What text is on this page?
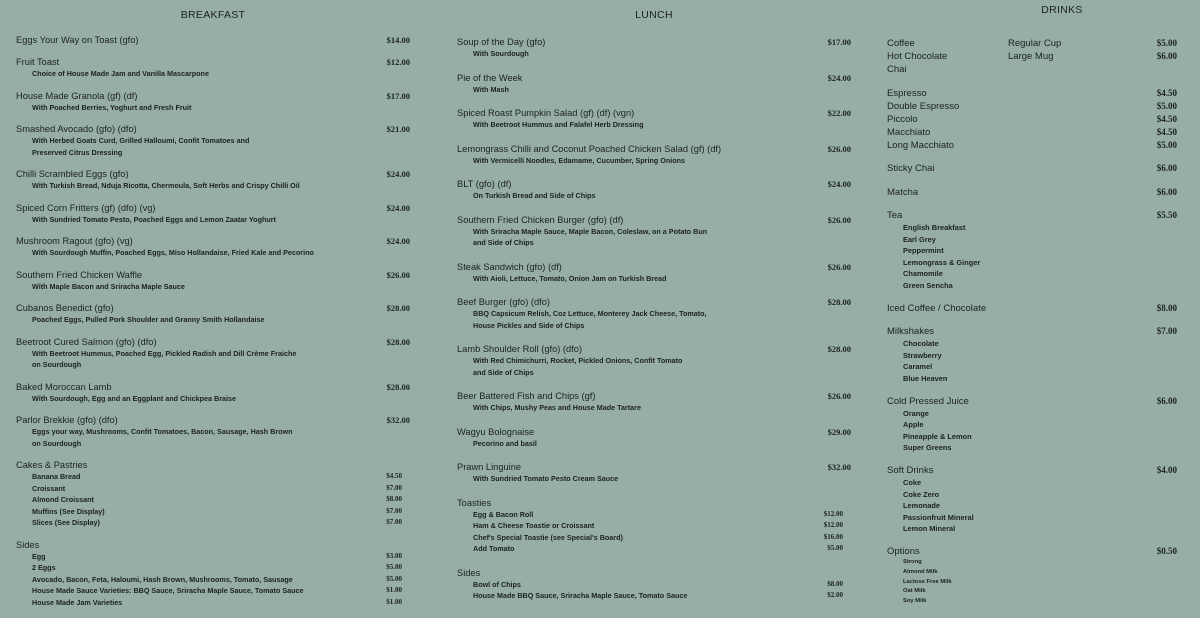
BREAKFAST
Eggs Your Way on Toast (gfo)	$14.00
Fruit Toast	$12.00
Choice of House Made Jam and Vanilla Mascarpone
House Made Granola (gf) (df)	$17.00
With Poached Berries, Yoghurt and Fresh Fruit
Smashed Avocado (gfo) (dfo)	$21.00
With Herbed Goats Curd, Grilled Halloumi, Confit Tomatoes and
Preserved Citrus Dressing
Chilli Scrambled Eggs (gfo)	$24.00
With Turkish Bread, Nduja Ricotta, Chermoula, Soft Herbs and Crispy Chilli Oil
Spiced Corn Fritters (gf) (dfo) (vg)	$24.00
With Sundried Tomato Pesto, Poached Eggs and Lemon Zaatar Yoghurt
Mushroom Ragout (gfo) (vg)	$24.00
With Sourdough Muffin, Poached Eggs, Miso Hollandaise, Fried Kale and Pecorino
Southern Fried Chicken Waffle	$26.00
With Maple Bacon and Sriracha Maple Sauce
Cubanos Benedict (gfo)	$28.00
Poached Eggs, Pulled Pork Shoulder and Granny Smith Hollandaise
Beetroot Cured Salmon (gfo) (dfo)	$28.00
With Beetroot Hummus, Poached Egg, Pickled Radish and Dill Crème Fraiche
on Sourdough
Baked Moroccan Lamb	$28.00
With Sourdough, Egg and an Eggplant and Chickpea Braise
Parlor Brekkie (gfo) (dfo)	$32.00
Eggs your way, Mushrooms, Confit Tomatoes, Bacon, Sausage, Hash Brown
on Sourdough
Cakes & Pastries
Banana Bread	$4.50
Croissant	$7.00
Almond Croissant	$8.00
Muffins (See Display)	$7.00
Slices (See Display)	$7.00
Sides
Egg	$3.00
2 Eggs	$5.00
Avocado, Bacon, Feta, Haloumi, Hash Brown, Mushrooms, Tomato, Sausage	$5.00
House Made Sauce Varieties: BBQ Sauce, Sriracha Maple Sauce, Tomato Sauce	$1.00
House Made Jam Varieties	$1.00
LUNCH
Soup of the Day (gfo)	$17.00
With Sourdough
Pie of the Week	$24.00
With Mash
Spiced Roast Pumpkin Salad (gf) (df) (vgn)	$22.00
With Beetroot Hummus and Falafel Herb Dressing
Lemongrass Chilli and Coconut Poached Chicken Salad (gf) (df)	$26.00
With Vermicelli Noodles, Edamame, Cucumber, Spring Onions
BLT (gfo) (df)	$24.00
On Turkish Bread and Side of Chips
Southern Fried Chicken Burger (gfo) (df)	$26.00
With Sriracha Maple Sauce, Maple Bacon, Coleslaw, on a Potato Bun
and Side of Chips
Steak Sandwich (gfo) (df)	$26.00
With Aioli, Lettuce, Tomato, Onion Jam on Turkish Bread
Beef Burger (gfo) (dfo)	$28.00
BBQ Capsicum Relish, Coz Lettuce, Monterey Jack Cheese, Tomato,
House Pickles and Side of Chips
Lamb Shoulder Roll (gfo) (dfo)	$28.00
With Red Chimichurri, Rocket, Pickled Onions, Confit Tomato
and Side of Chips
Beer Battered Fish and Chips (gf)	$26.00
With Chips, Mushy Peas and House Made Tartare
Wagyu Bolognaise	$29.00
Pecorino and basil
Prawn Linguine	$32.00
With Sundried Tomato Pesto Cream Sauce
Toasties
Egg & Bacon Roll	$12.00
Ham & Cheese Toastie or Croissant	$12.00
Chef's Special Toastie (see Special's Board)	$16.00
Add Tomato	$5.00
Sides
Bowl of Chips	$8.00
House Made BBQ Sauce, Sriracha Maple Sauce, Tomato Sauce	$2.00
DRINKS
Coffee	Regular Cup	$5.00
Hot Chocolate	Large Mug	$6.00
Chai
Espresso	$4.50
Double Espresso	$5.00
Piccolo	$4.50
Macchiato	$4.50
Long Macchiato	$5.00
Sticky Chai	$6.00
Matcha	$6.00
Tea	$5.50
English Breakfast
Earl Grey
Peppermint
Lemongrass & Ginger
Chamomile
Green Sencha
Iced Coffee / Chocolate	$8.00
Milkshakes	$7.00
Chocolate
Strawberry
Caramel
Blue Heaven
Cold Pressed Juice	$6.00
Orange
Apple
Pineapple & Lemon
Super Greens
Soft Drinks	$4.00
Coke
Coke Zero
Lemonade
Passionfruit Mineral
Lemon Mineral
Options	$0.50
Strong
Almond Milk
Lactose Free Milk
Oat Milk
Soy Milk
